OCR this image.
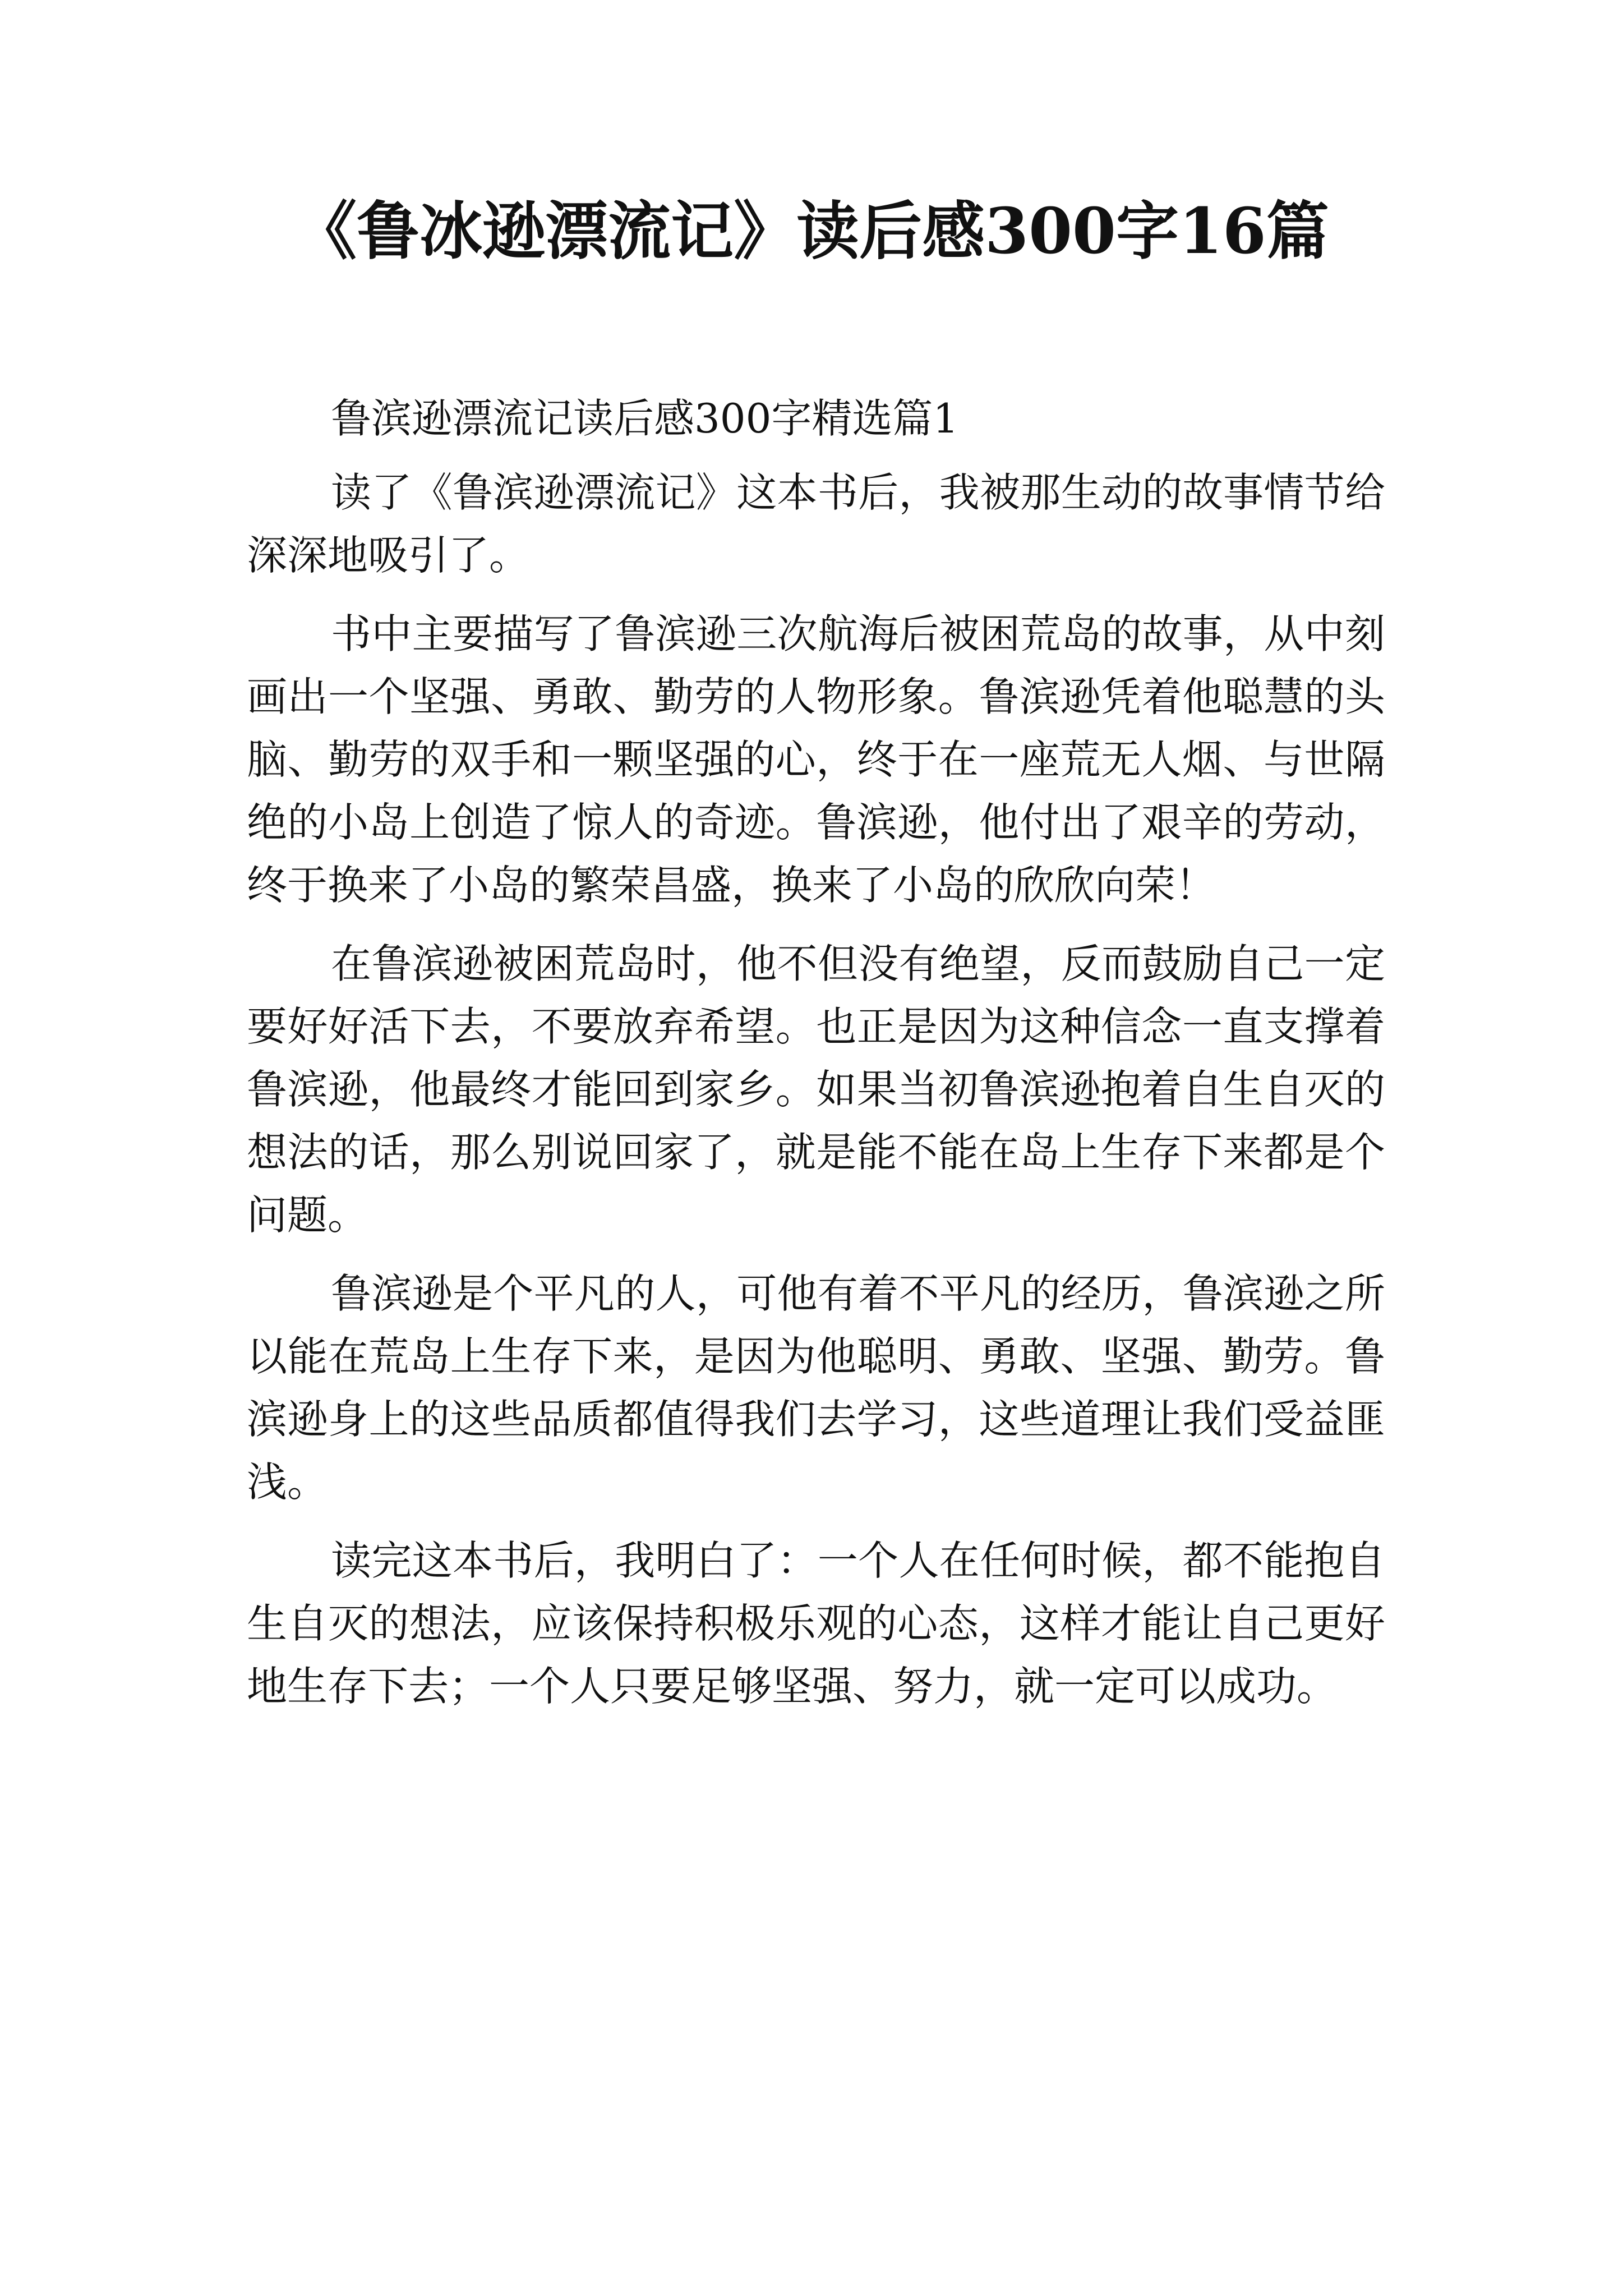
《鲁冰逊漂流记》读后感300字16篇

鲁滨逊漂流记读后感300字精选篇1

读了《鲁滨逊漂流记》这本书后，我被那生动的故事情节给深深地吸引了。

书中主要描写了鲁滨逊三次航海后被困荒岛的故事，从中刻画出一个坚强、勇敢、勤劳的人物形象。鲁滨逊凭着他聪慧的头脑、勤劳的双手和一颗坚强的心，终于在一座荒无人烟、与世隔绝的小岛上创造了惊人的奇迹。鲁滨逊，他付出了艰辛的劳动，终于换来了小岛的繁荣昌盛，换来了小岛的欣欣向荣！

在鲁滨逊被困荒岛时，他不但没有绝望，反而鼓励自己一定要好好活下去，不要放弃希望。也正是因为这种信念一直支撑着鲁滨逊，他最终才能回到家乡。如果当初鲁滨逊抱着自生自灭的想法的话，那么别说回家了，就是能不能在岛上生存下来都是个问题。

鲁滨逊是个平凡的人，可他有着不平凡的经历，鲁滨逊之所以能在荒岛上生存下来，是因为他聪明、勇敢、坚强、勤劳。鲁滨逊身上的这些品质都值得我们去学习，这些道理让我们受益匪浅。

读完这本书后，我明白了：一个人在任何时候，都不能抱自生自灭的想法，应该保持积极乐观的心态，这样才能让自己更好地生存下去；一个人只要足够坚强、努力，就一定可以成功。
